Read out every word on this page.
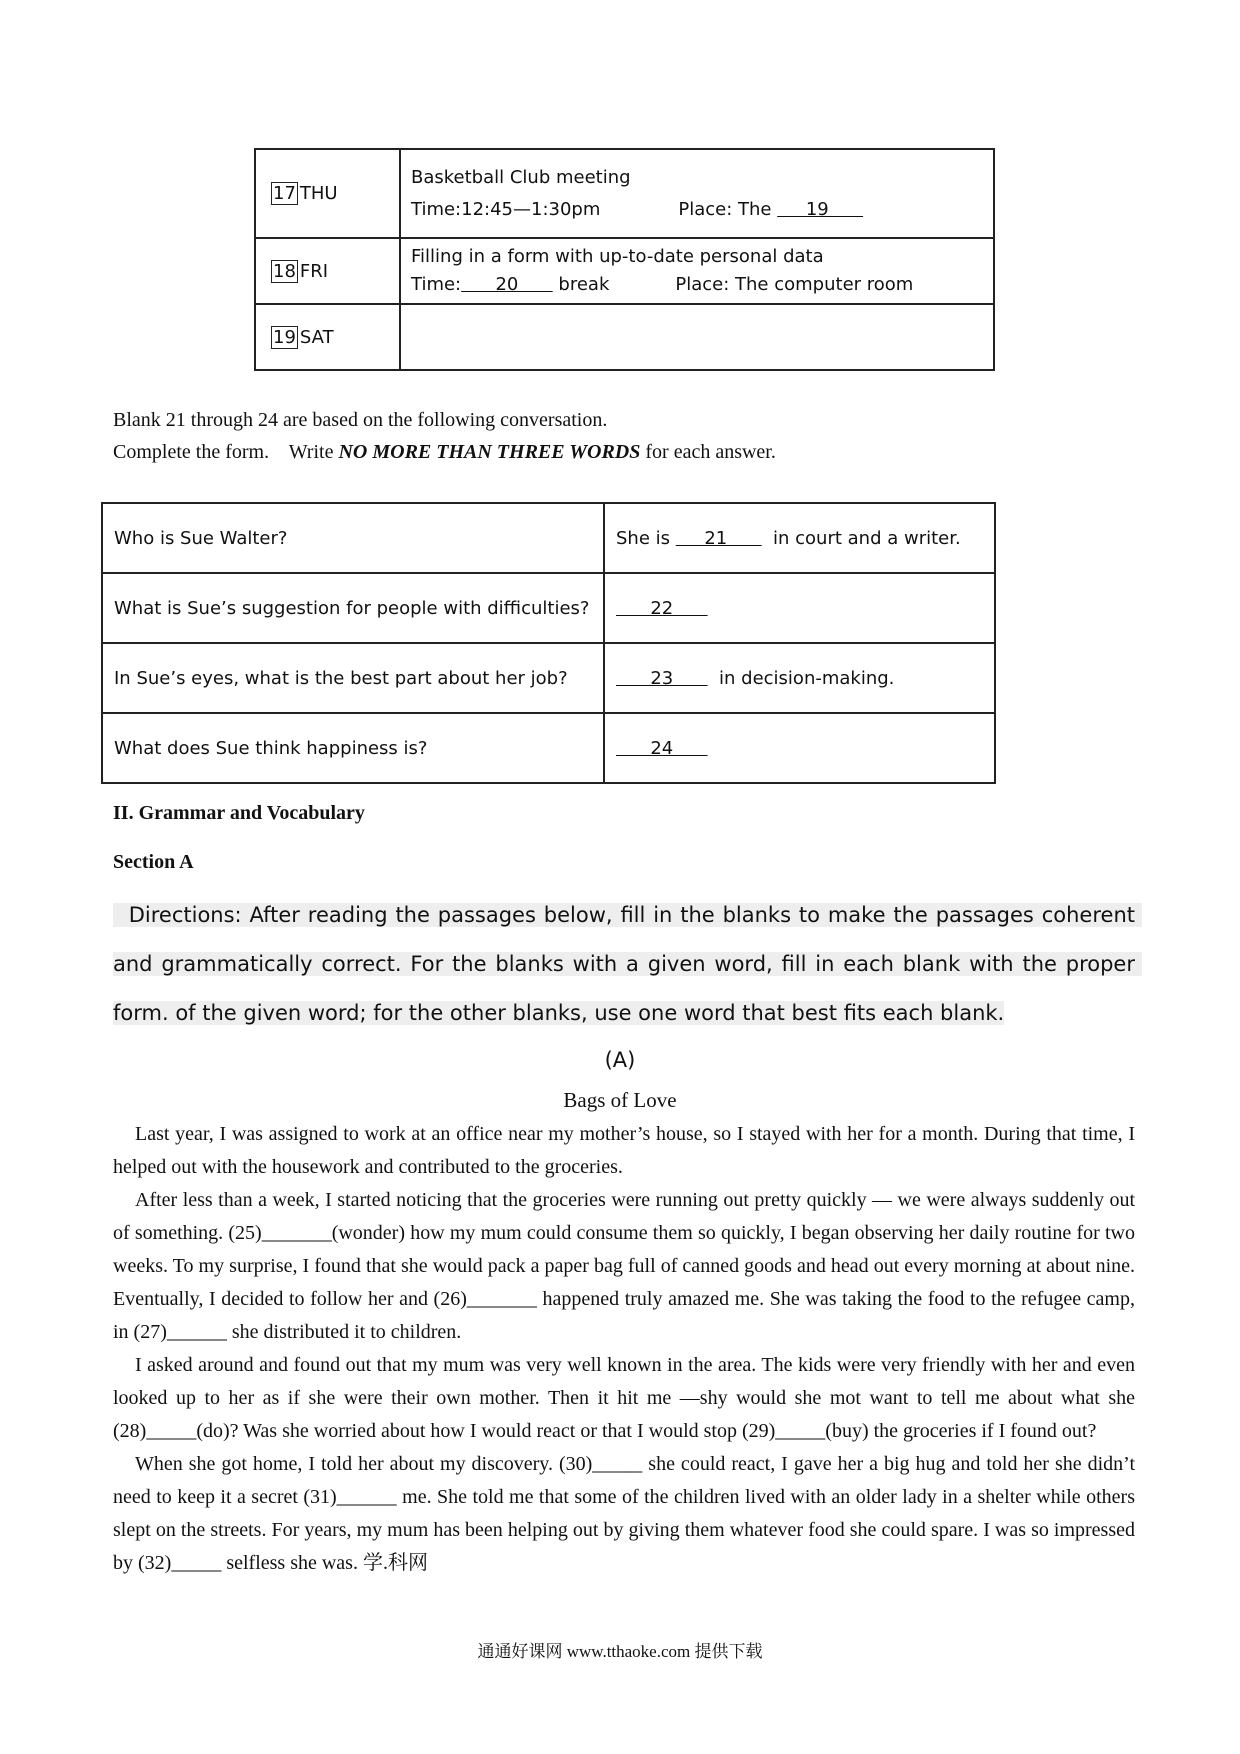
17 THU	Basketball Club meeting
Time:12:45—1:30pm Place: The      19

18 FRI	Filling in a form with up-to-date personal data
Time:      20       break Place: The computer room

19 SAT	
Blank 21 through 24 are based on the following conversation.
Complete the form.    Write NO MORE THAN THREE WORDS for each answer.
Who is Sue Walter?	She is      21        in court and a writer.
What is Sue’s suggestion for people with difficulties?	22
In Sue’s eyes, what is the best part about her job?	23        in decision-making.
What does Sue think happiness is?	24
II. Grammar and Vocabulary
Section A
Directions: After reading the passages below, fill in the blanks to make the passages coherent and grammatically correct. For the blanks with a given word, fill in each blank with the proper form. of the given word; for the other blanks, use one word that best fits each blank.
(A)
Bags of Love

Last year, I was assigned to work at an office near my mother’s house, so I stayed with her for a month. During that time, I helped out with the housework and contributed to the groceries.

After less than a week, I started noticing that the groceries were running out pretty quickly — we were always suddenly out of something. (25)_______(wonder) how my mum could consume them so quickly, I began observing her daily routine for two weeks. To my surprise, I found that she would pack a paper bag full of canned goods and head out every morning at about nine. Eventually, I decided to follow her and (26)_______ happened truly amazed me. She was taking the food to the refugee camp, in (27)______ she distributed it to children.

I asked around and found out that my mum was very well known in the area. The kids were very friendly with her and even looked up to her as if she were their own mother. Then it hit me —shy would she mot want to tell me about what she (28)_____(do)? Was she worried about how I would react or that I would stop (29)_____(buy) the groceries if I found out?

When she got home, I told her about my discovery. (30)_____ she could react, I gave her a big hug and told her she didn’t need to keep it a secret (31)______ me. She told me that some of the children lived with an older lady in a shelter while others slept on the streets. For years, my mum has been helping out by giving them whatever food she could spare. I was so impressed by (32)_____ selfless she was. 学.科网

通通好课网 www.tthaoke.com 提供下载
